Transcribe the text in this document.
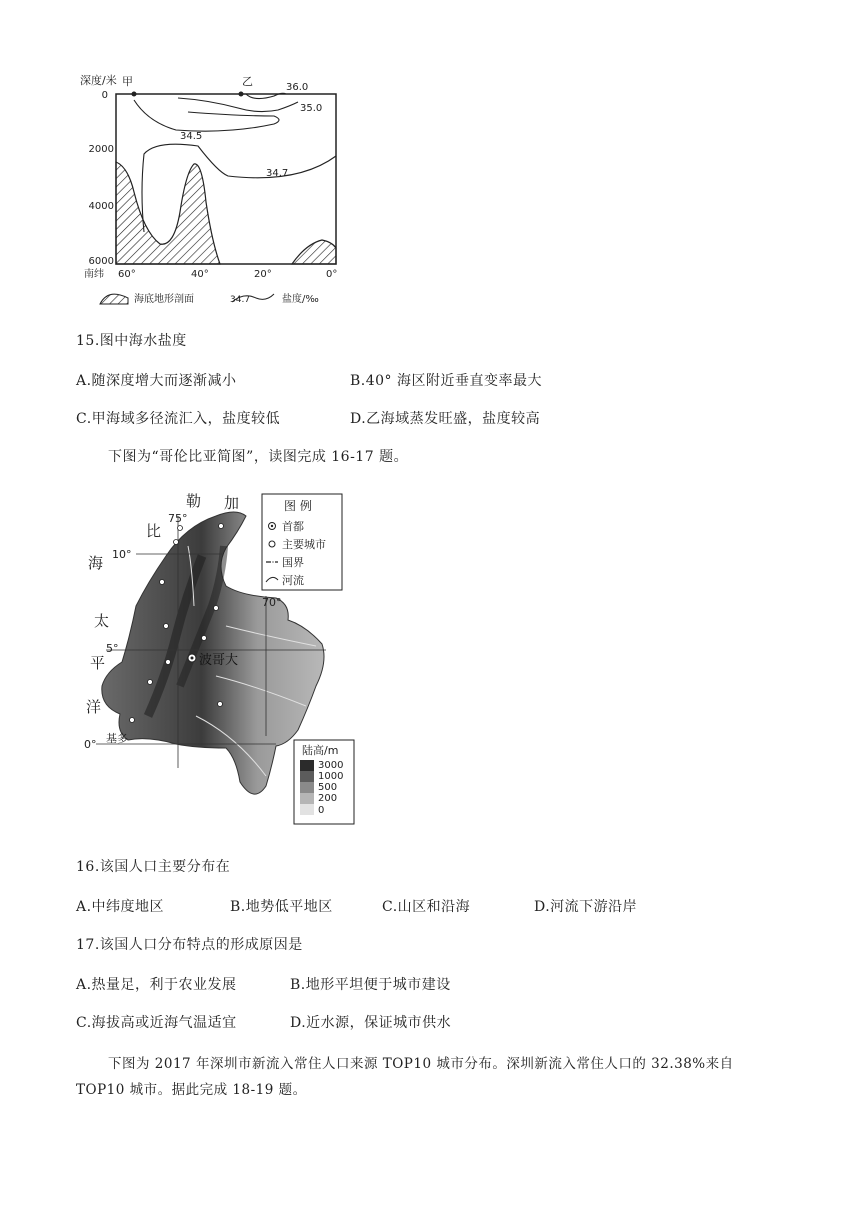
深度/米 甲	乙
0
2000
4000
6000
南纬 60°	40°	20°	0°
36.0
35.0
34.5
34.7
海底地形剖面	34.7	盐度/‰
15.图中海水盐度
A.随深度增大而逐渐减小	B.40° 海区附近垂直变率最大
C.甲海域多径流汇入，盐度较低	D.乙海域蒸发旺盛，盐度较高
下图为“哥伦比亚简图”，读图完成 16-17 题。
波哥大
基多
加
勒
比
海
太
平
洋
75°
70°
10°
5°
0°
图 例
首都
主要城市
国界
河流
陆高/m
3000
1000
500
200
0
16.该国人口主要分布在
A.中纬度地区	B.地势低平地区	C.山区和沿海	D.河流下游沿岸
17.该国人口分布特点的形成原因是
A.热量足，利于农业发展	B.地形平坦便于城市建设
C.海拔高或近海气温适宜	D.近水源，保证城市供水
下图为 2017 年深圳市新流入常住人口来源 TOP10 城市分布。深圳新流入常住人口的 32.38%来自
TOP10 城市。据此完成 18-19 题。
